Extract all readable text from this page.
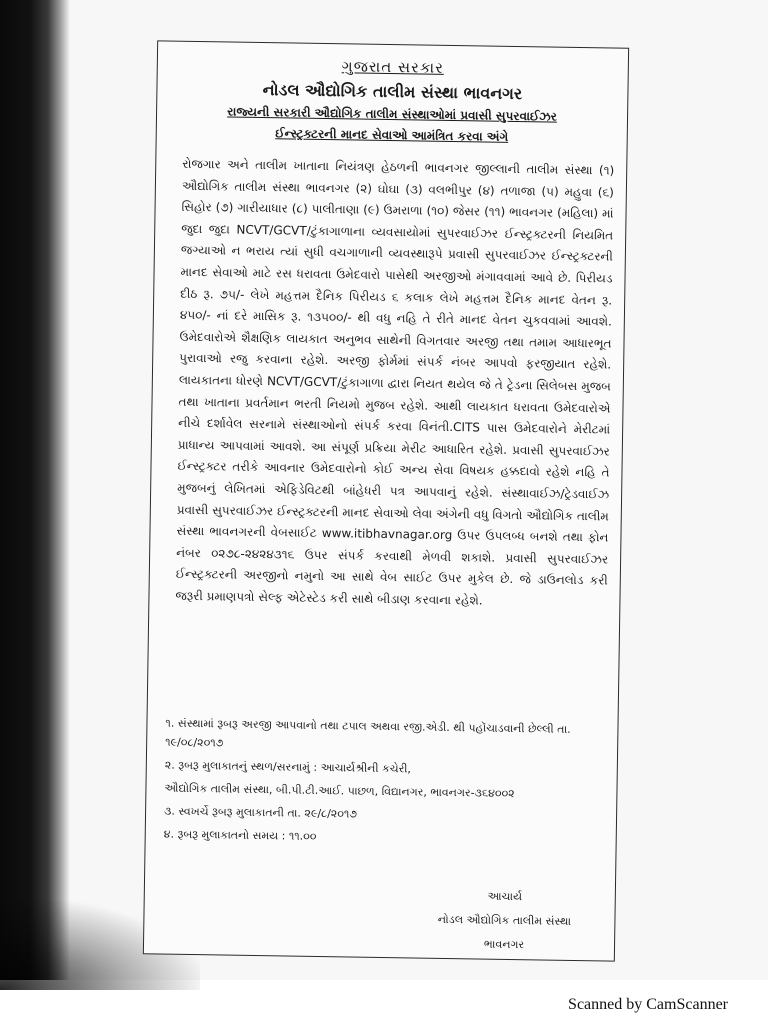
ગુજરાત સરકાર
નોડલ ઔદ્યોગિક તાલીમ સંસ્થા ભાવનગર
રાજ્યની સરકારી ઔદ્યોગિક તાલીમ સંસ્થાઓમાં પ્રવાસી સુપરવાઈઝર
ઈન્સ્ટ્રક્ટરની માનદ સેવાઓ આમંત્રિત કરવા અંગે

રોજગાર અને તાલીમ ખાતાના નિયંત્રણ હેઠળની ભાવનગર જીલ્લાની તાલીમ સંસ્થા (૧) ઔદ્યોગિક તાલીમ સંસ્થા ભાવનગર (૨) ઘોઘા (૩) વલભીપુર (૪) તળાજા (૫) મહુવા (૬) સિહોર (૭) ગારીયાધાર (૮) પાલીતાણા (૯) ઉમરાળા (૧૦) જેસર (૧૧) ભાવનગર (મહિલા) માં જુદા જુદા NCVT/GCVT/ટુંકાગાળાના વ્યવસાયોમાં સુપરવાઈઝર ઈન્સ્ટ્રક્ટરની નિયમિત જગ્યાઓ ન ભરાય ત્યાં સુધી વચગાળાની વ્યવસ્થારૂપે પ્રવાસી સુપરવાઈઝર ઈન્સ્ટ્રક્ટરની માનદ સેવાઓ માટે રસ ધરાવતા ઉમેદવારો પાસેથી અરજીઓ મંગાવવામાં આવે છે. પિરીયડ દીઠ રૂ. ૭૫/- લેખે મહત્તમ દૈનિક પિરીયડ ૬ કલાક લેખે મહત્તમ દૈનિક માનદ વેતન રૂ. ૪૫૦/- નાં દરે માસિક રૂ. ૧૩૫૦૦/- થી વધુ નહિ તે રીતે માનદ વેતન ચુકવવામાં આવશે. ઉમેદવારોએ શૈક્ષણિક લાયકાત અનુભવ સાથેની વિગતવાર અરજી તથા તમામ આધારભૂત પુરાવાઓ રજુ કરવાના રહેશે. અરજી ફોર્મમાં સંપર્ક નંબર આપવો ફરજીયાત રહેશે. લાયકાતના ધોરણે NCVT/GCVT/ટુંકાગાળા દ્વારા નિયત થયેલ જે તે ટ્રેડના સિલેબસ મુજબ તથા ખાતાના પ્રવર્તમાન ભરતી નિયમો મુજબ રહેશે. આથી લાયકાત ધરાવતા ઉમેદવારોએ નીચે દર્શાવેલ સરનામે સંસ્થાઓનો સંપર્ક કરવા વિનંતી.CITS પાસ ઉમેદવારોને મેરીટમાં પ્રાધાન્ય આપવામાં આવશે. આ સંપૂર્ણ પ્રક્રિયા મેરીટ આધારિત રહેશે. પ્રવાસી સુપરવાઈઝર ઈન્સ્ટ્રક્ટર તરીકે આવનાર ઉમેદવારોનો કોઈ અન્ય સેવા વિષયક હક્કદાવો રહેશે નહિ તે મુજબનું લેખિતમાં એફિડેવિટથી બાંહેધરી પત્ર આપવાનું રહેશે. સંસ્થાવાઈઝ/ટ્રેડવાઈઝ પ્રવાસી સુપરવાઈઝર ઈન્સ્ટ્રક્ટરની માનદ સેવાઓ લેવા અંગેની વધુ વિગતો ઔદ્યોગિક તાલીમ સંસ્થા ભાવનગરની વેબસાઈટ www.itibhavnagar.org ઉપર ઉપલબ્ધ બનશે તથા ફોન નંબર ૦૨૭૮-૨૪૨૪૩૧૬ ઉપર સંપર્ક કરવાથી મેળવી શકાશે. પ્રવાસી સુપરવાઈઝર ઈન્સ્ટ્રક્ટરની અરજીનો નમુનો આ સાથે વેબ સાઈટ ઉપર મુકેલ છે. જે ડાઉનલોડ કરી જરૂરી પ્રમાણપત્રો સેલ્ફ એટેસ્ટેડ કરી સાથે બીડાણ કરવાના રહેશે.

૧. સંસ્થામાં રૂબરૂ અરજી આપવાનો તથા ટપાલ અથવા રજી.એડી. થી પહોંચાડવાની છેલ્લી તા. ૧૯/૦૮/૨૦૧૭
૨. રૂબરૂ મુલાકાતનું સ્થળ/સરનામું : આચાર્યશ્રીની કચેરી,
ઔદ્યોગિક તાલીમ સંસ્થા, બી.પી.ટી.આઈ. પાછળ, વિદ્યાનગર, ભાવનગર-૩૬૪૦૦૨
૩. સ્વખર્ચે રૂબરૂ મુલાકાતની તા. ૨૯/૮/૨૦૧૭
૪. રૂબરૂ મુલાકાતનો સમય : ૧૧.૦૦
આચાર્ય
નોડલ ઔદ્યોગિક તાલીમ સંસ્થા
ભાવનગર
Scanned by CamScanner
